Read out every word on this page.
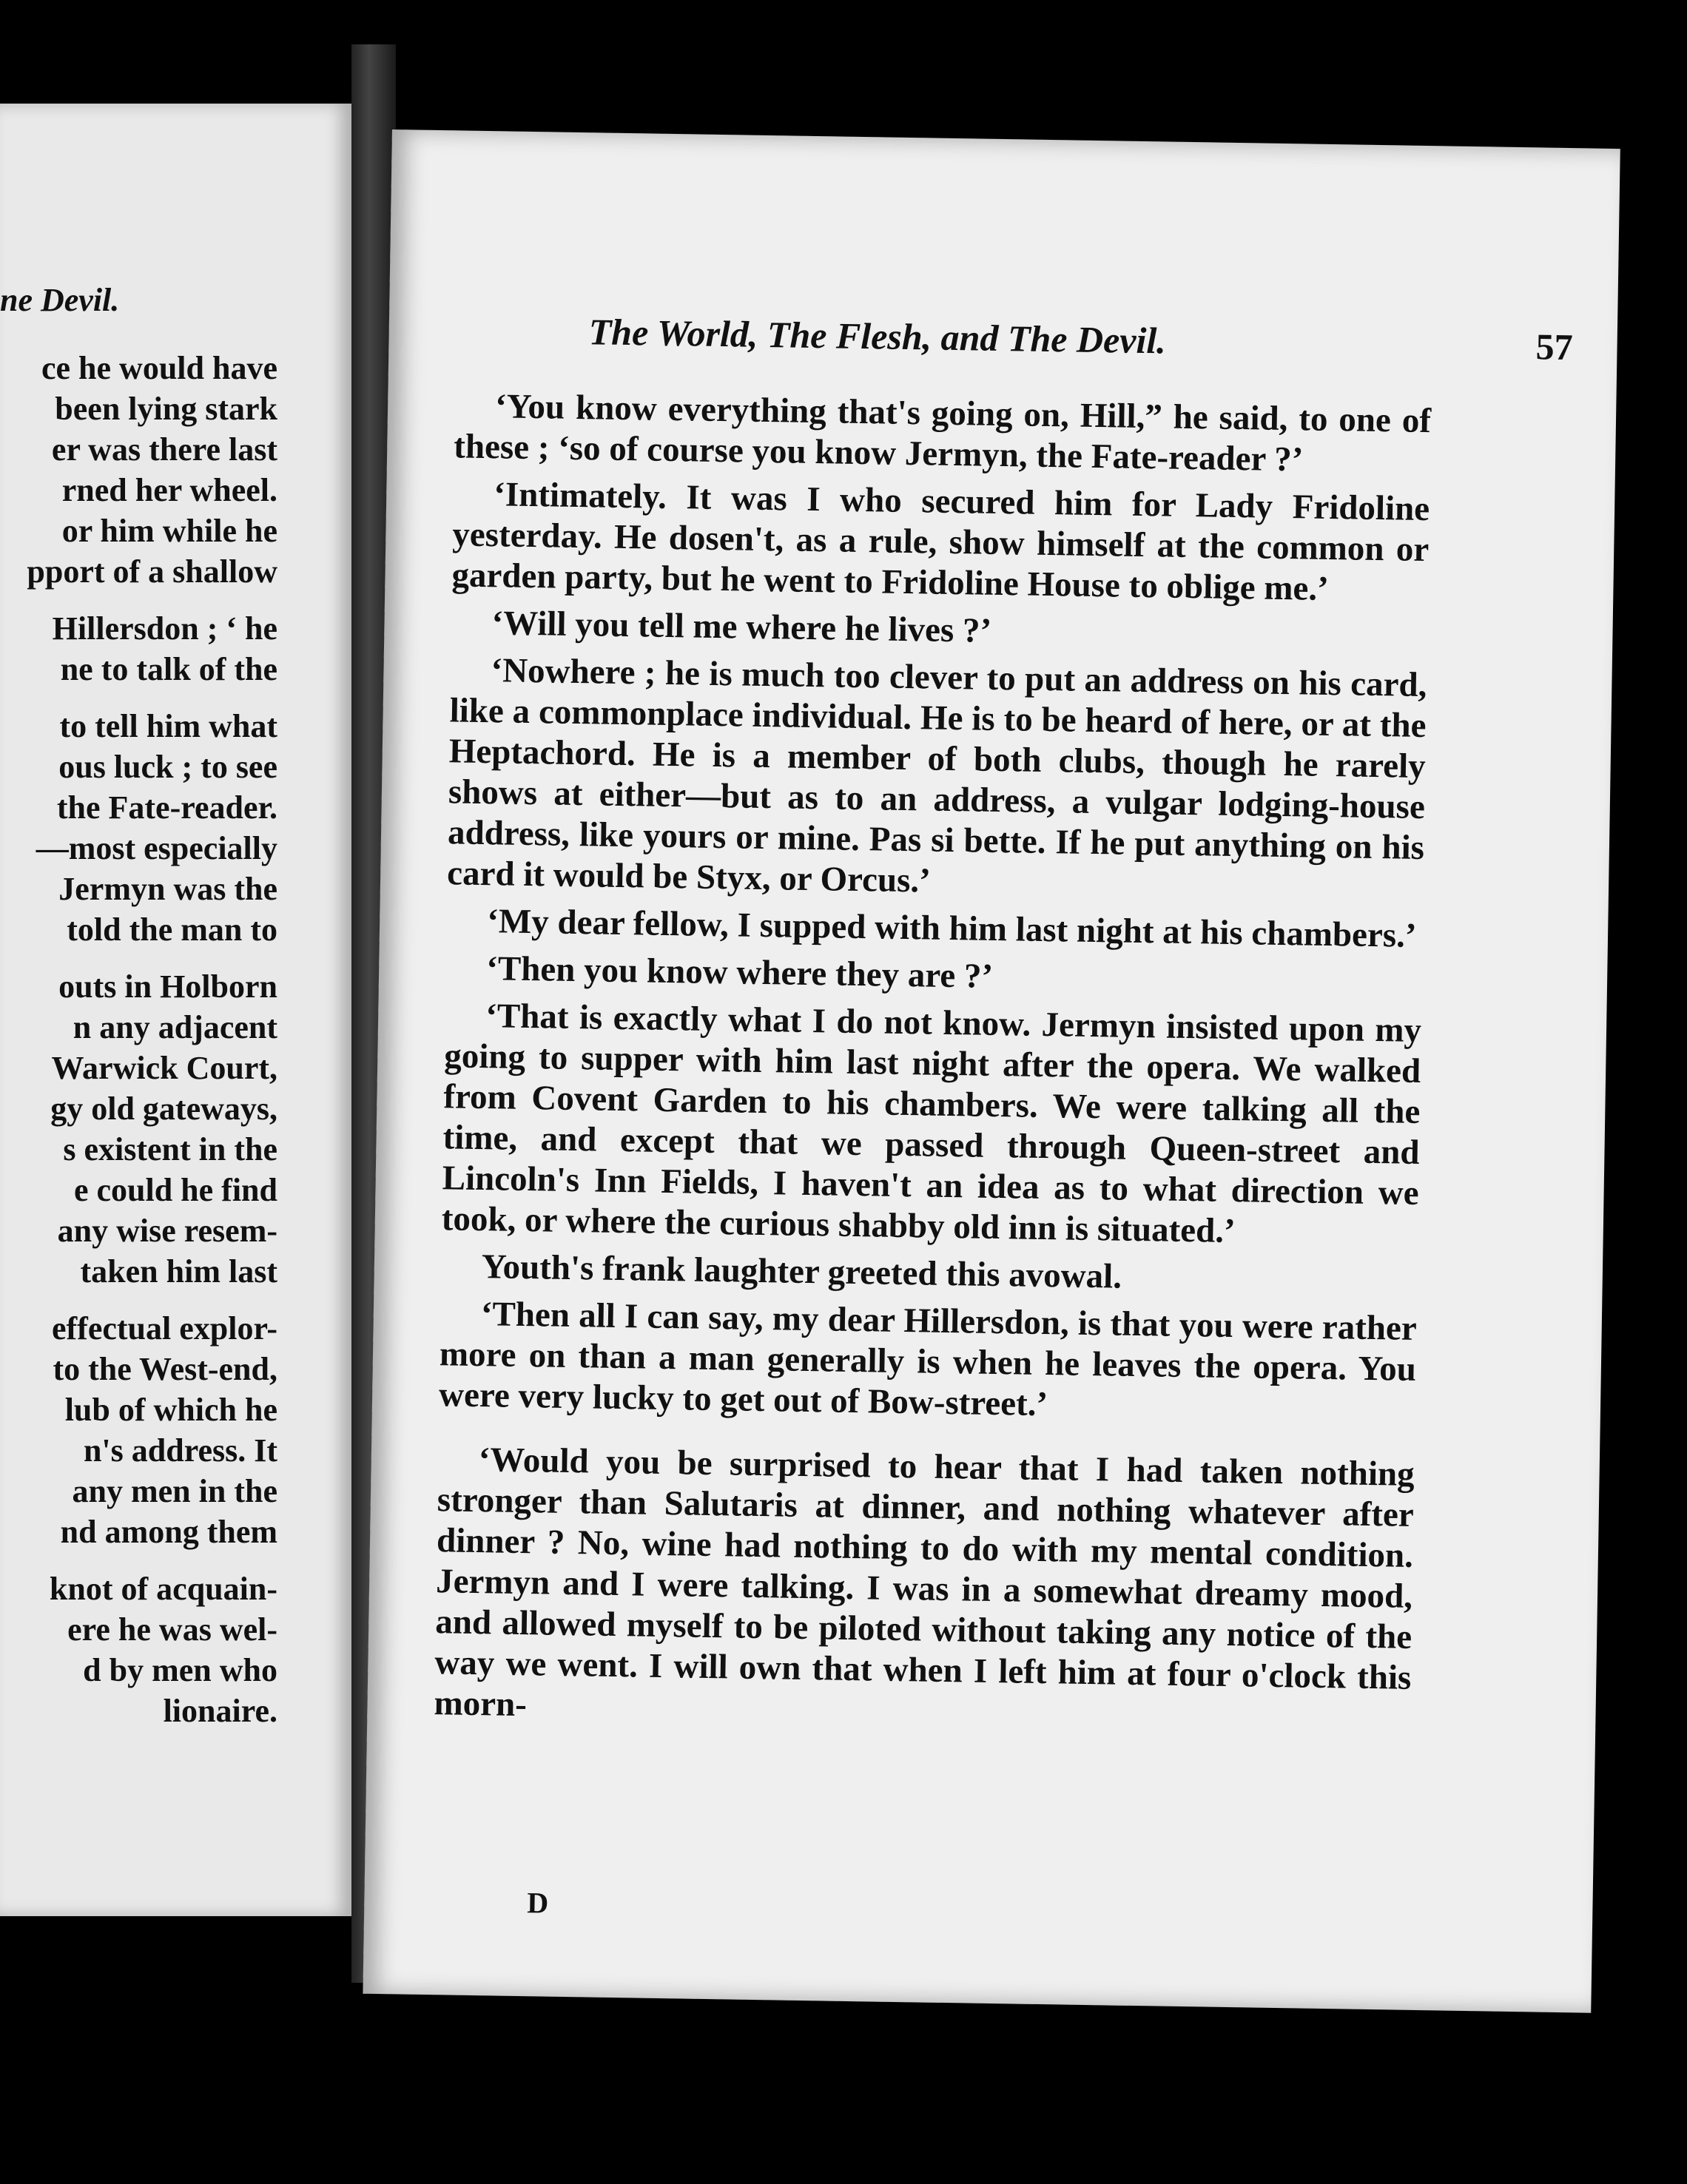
ne Devil.
ce he would have
been lying stark
er was there last
rned her wheel.
or him while he
pport of a shallow
Hillersdon ; ‘ he
ne to talk of the
to tell him what
ous luck ; to see
the Fate-reader.
—most especially
Jermyn was the
told the man to
outs in Holborn
n any adjacent
Warwick Court,
gy old gateways,
s existent in the
e could he find
any wise resem-
taken him last
effectual explor-
to the West-end,
lub of which he
n's address. It
any men in the
nd among them
knot of acquain-
ere he was wel-
d by men who
lionaire.
The World, The Flesh, and The Devil.	57

‘You know everything that's going on, Hill,” he said, to one of these ; ‘so of course you know Jermyn, the Fate-reader ?’

‘Intimately. It was I who secured him for Lady Fridoline yesterday. He dosen't, as a rule, show himself at the common or garden party, but he went to Fridoline House to oblige me.’

‘Will you tell me where he lives ?’

‘Nowhere ; he is much too clever to put an address on his card, like a commonplace individual. He is to be heard of here, or at the Heptachord. He is a member of both clubs, though he rarely shows at either—but as to an address, a vulgar lodging-house address, like yours or mine. Pas si bette. If he put anything on his card it would be Styx, or Orcus.’

‘My dear fellow, I supped with him last night at his chambers.’

‘Then you know where they are ?’

‘That is exactly what I do not know. Jermyn insisted upon my going to supper with him last night after the opera. We walked from Covent Garden to his chambers. We were talking all the time, and except that we passed through Queen-street and Lincoln's Inn Fields, I haven't an idea as to what direction we took, or where the curious shabby old inn is situated.’

Youth's frank laughter greeted this avowal.

‘Then all I can say, my dear Hillersdon, is that you were rather more on than a man generally is when he leaves the opera. You were very lucky to get out of Bow-street.’

‘Would you be surprised to hear that I had taken nothing stronger than Salutaris at dinner, and nothing whatever after dinner ? No, wine had nothing to do with my mental condition. Jermyn and I were talking. I was in a somewhat dreamy mood, and allowed myself to be piloted without taking any notice of the way we went. I will own that when I left him at four o'clock this morn-

D
